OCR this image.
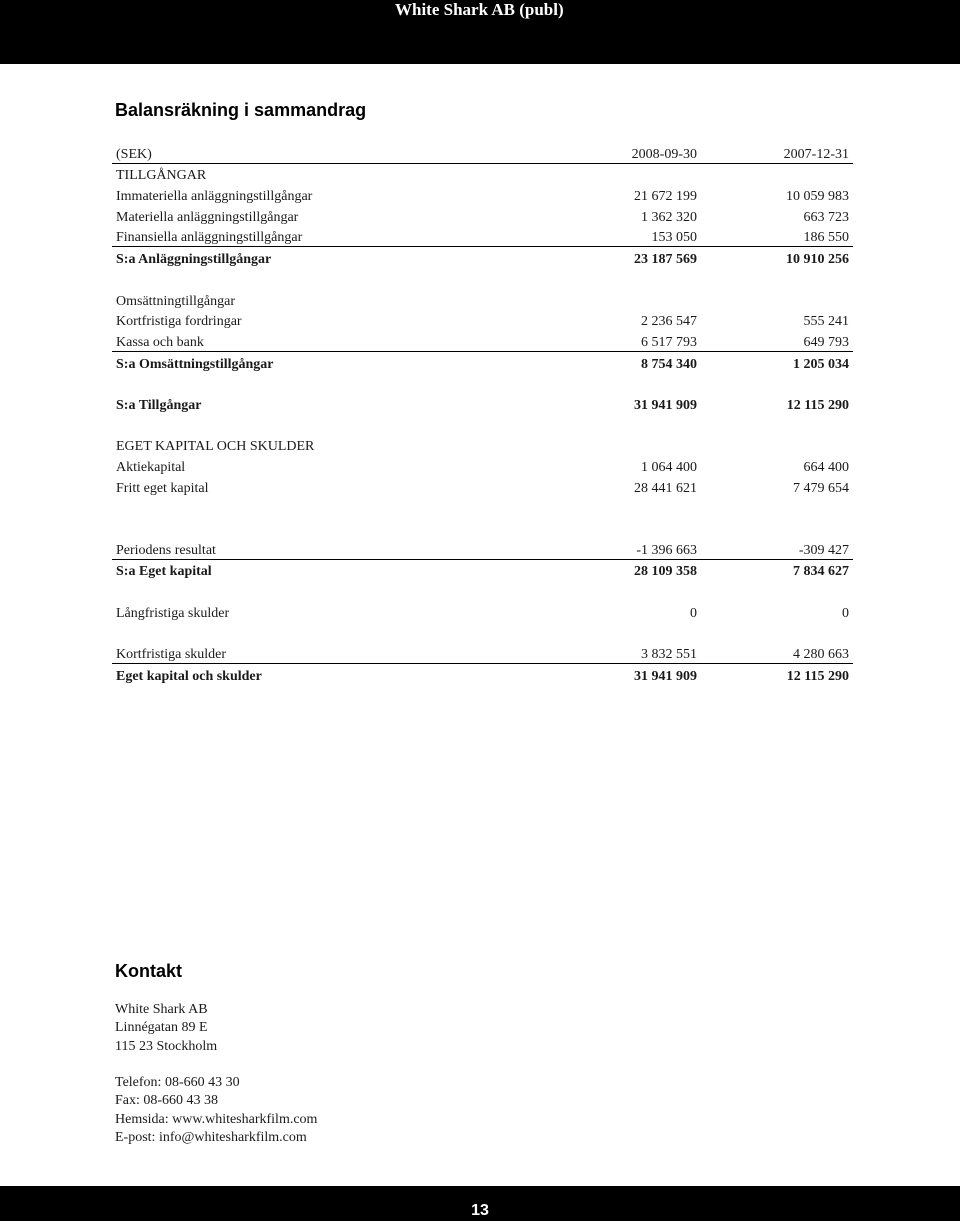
White Shark AB (publ)
Balansräkning i sammandrag
(SEK)	2008-09-30	2007-12-31
TILLGÅNGAR		
Immateriella anläggningstillgångar	21 672 199	10 059 983
Materiella anläggningstillgångar	1 362 320	663 723
Finansiella anläggningstillgångar	153 050	186 550
S:a Anläggningstillgångar	23 187 569	10 910 256

Omsättningtillgångar		
Kortfristiga fordringar	2 236 547	555 241
Kassa och bank	6 517 793	649 793
S:a Omsättningstillgångar	8 754 340	1 205 034

S:a Tillgångar	31 941 909	12 115 290

EGET KAPITAL OCH SKULDER		
Aktiekapital	1 064 400	664 400
Fritt eget kapital	28 441 621	7 479 654

Periodens resultat	-1 396 663	-309 427
S:a Eget kapital	28 109 358	7 834 627

Långfristiga skulder	0	0

Kortfristiga skulder	3 832 551	4 280 663
Eget kapital och skulder	31 941 909	12 115 290
Kontakt
White Shark AB
Linnégatan 89 E
115 23 Stockholm
Telefon: 08-660 43 30
Fax: 08-660 43 38
Hemsida: www.whitesharkfilm.com
E-post: info@whitesharkfilm.com
13
